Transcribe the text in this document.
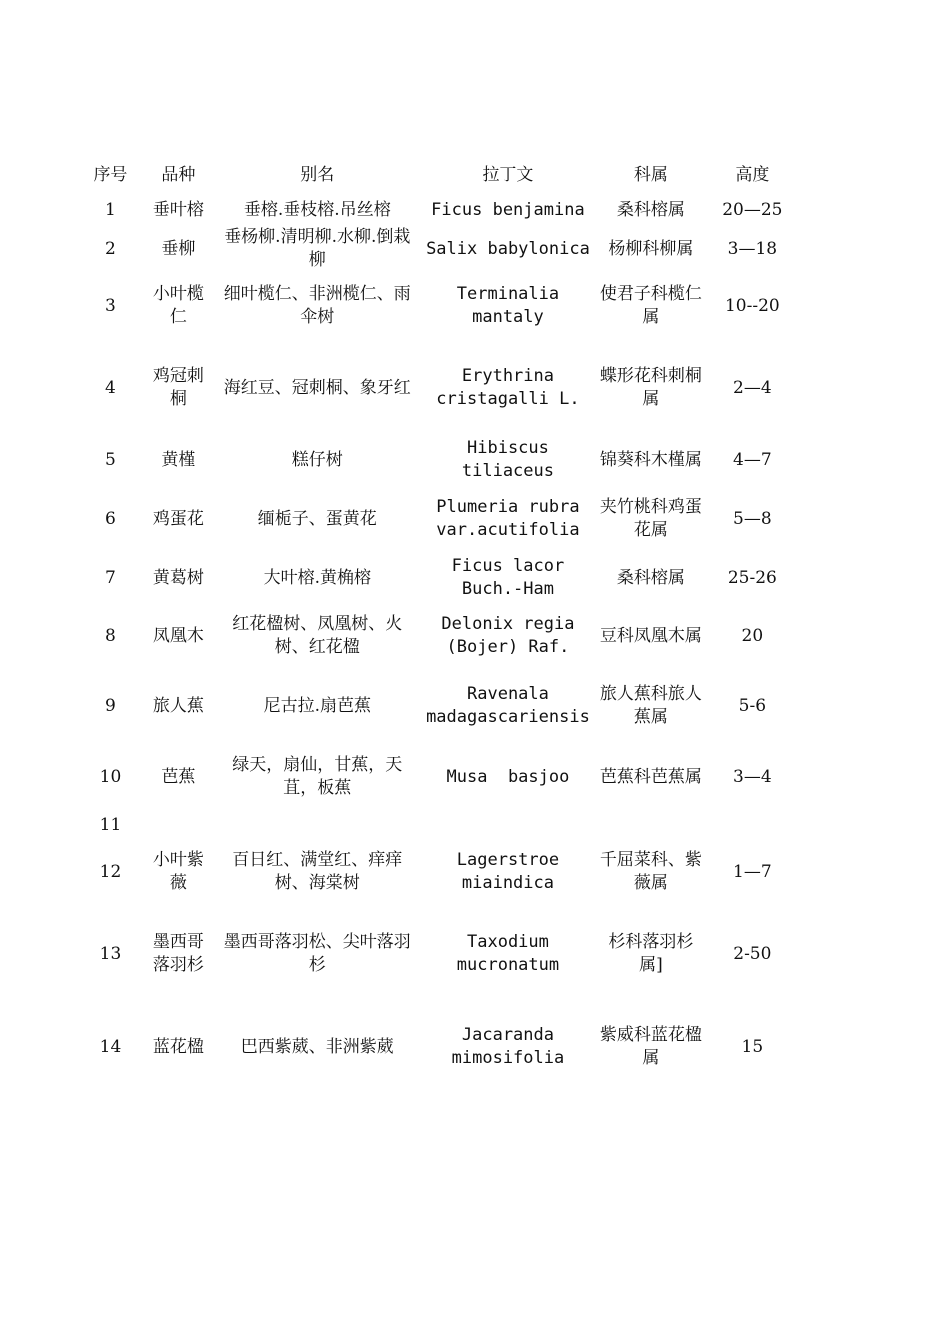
序号	品种	别名	拉丁文	科属	高度
1	垂叶榕	垂榕.垂枝榕.吊丝榕	Ficus benjamina	桑科榕属	20—25
2	垂柳	垂杨柳.清明柳.水柳.倒栽柳	Salix babylonica	杨柳科柳属	3—18
3	小叶榄仁	细叶榄仁、非洲榄仁、雨伞树	Terminalia mantaly	使君子科榄仁属	10--20
4	鸡冠刺桐	海红豆、冠刺桐、象牙红	Erythrina cristagalli L.	蝶形花科刺桐属	2—4
5	黄槿	糕仔树	Hibiscus tiliaceus	锦葵科木槿属	4—7
6	鸡蛋花	缅栀子、蛋黄花	Plumeria rubra var.acutifolia	夹竹桃科鸡蛋花属	5—8
7	黄葛树	大叶榕.黄桷榕	Ficus lacor Buch.-Ham	桑科榕属	25-26
8	凤凰木	红花楹树、凤凰树、火树、红花楹	Delonix regia (Bojer) Raf.	豆科凤凰木属	20
9	旅人蕉	尼古拉.扇芭蕉	Ravenala madagascariensis	旅人蕉科旅人蕉属	5-6
10	芭蕉	绿天，扇仙，甘蕉，天苴，板蕉	Musa  basjoo	芭蕉科芭蕉属	3—4
11					
12	小叶紫薇	百日红、满堂红、痒痒树、海棠树	Lagerstroe miaindica	千屈菜科、紫薇属	1—7
13	墨西哥落羽杉	墨西哥落羽松、尖叶落羽杉	Taxodium mucronatum	杉科落羽杉属]	2-50
14	蓝花楹	巴西紫葳、非洲紫葳	Jacaranda mimosifolia	紫威科蓝花楹属	15
